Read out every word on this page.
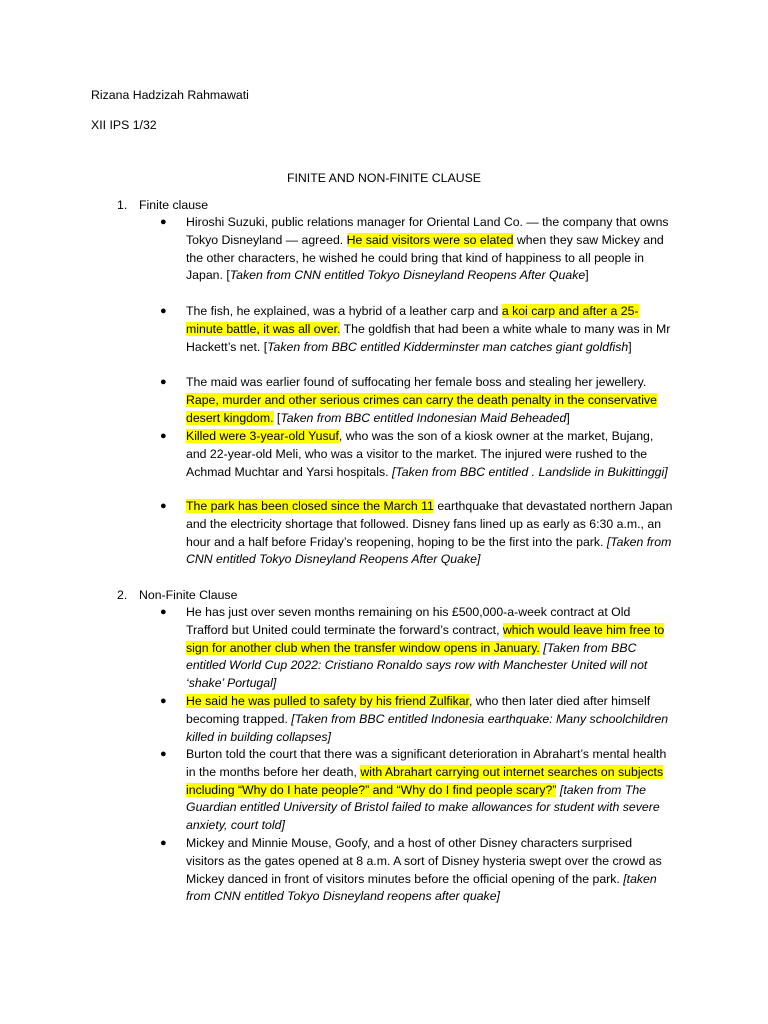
Rizana Hadzizah Rahmawati
XII IPS 1/32
FINITE AND NON-FINITE CLAUSE
1. Finite clause
● Hiroshi Suzuki, public relations manager for Oriental Land Co. — the company that owns Tokyo Disneyland — agreed. He said visitors were so elated when they saw Mickey and the other characters, he wished he could bring that kind of happiness to all people in Japan. [Taken from CNN entitled Tokyo Disneyland Reopens After Quake]
● The fish, he explained, was a hybrid of a leather carp and a koi carp and after a 25-minute battle, it was all over. The goldfish that had been a white whale to many was in Mr Hackett’s net. [Taken from BBC entitled Kidderminster man catches giant goldfish]
● The maid was earlier found of suffocating her female boss and stealing her jewellery. Rape, murder and other serious crimes can carry the death penalty in the conservative desert kingdom. [Taken from BBC entitled Indonesian Maid Beheaded]
● Killed were 3-year-old Yusuf, who was the son of a kiosk owner at the market, Bujang, and 22-year-old Meli, who was a visitor to the market. The injured were rushed to the Achmad Muchtar and Yarsi hospitals. [Taken from BBC entitled . Landslide in Bukittinggi]
● The park has been closed since the March 11 earthquake that devastated northern Japan and the electricity shortage that followed. Disney fans lined up as early as 6:30 a.m., an hour and a half before Friday’s reopening, hoping to be the first into the park. [Taken from CNN entitled Tokyo Disneyland Reopens After Quake]
2. Non-Finite Clause
● He has just over seven months remaining on his £500,000-a-week contract at Old Trafford but United could terminate the forward’s contract, which would leave him free to sign for another club when the transfer window opens in January. [Taken from BBC entitled World Cup 2022: Cristiano Ronaldo says row with Manchester United will not ‘shake’ Portugal]
● He said he was pulled to safety by his friend Zulfikar, who then later died after himself becoming trapped. [Taken from BBC entitled Indonesia earthquake: Many schoolchildren killed in building collapses]
● Burton told the court that there was a significant deterioration in Abrahart’s mental health in the months before her death, with Abrahart carrying out internet searches on subjects including “Why do I hate people?” and “Why do I find people scary?” [taken from The Guardian entitled University of Bristol failed to make allowances for student with severe anxiety, court told]
● Mickey and Minnie Mouse, Goofy, and a host of other Disney characters surprised visitors as the gates opened at 8 a.m. A sort of Disney hysteria swept over the crowd as Mickey danced in front of visitors minutes before the official opening of the park. [taken from CNN entitled Tokyo Disneyland reopens after quake]
